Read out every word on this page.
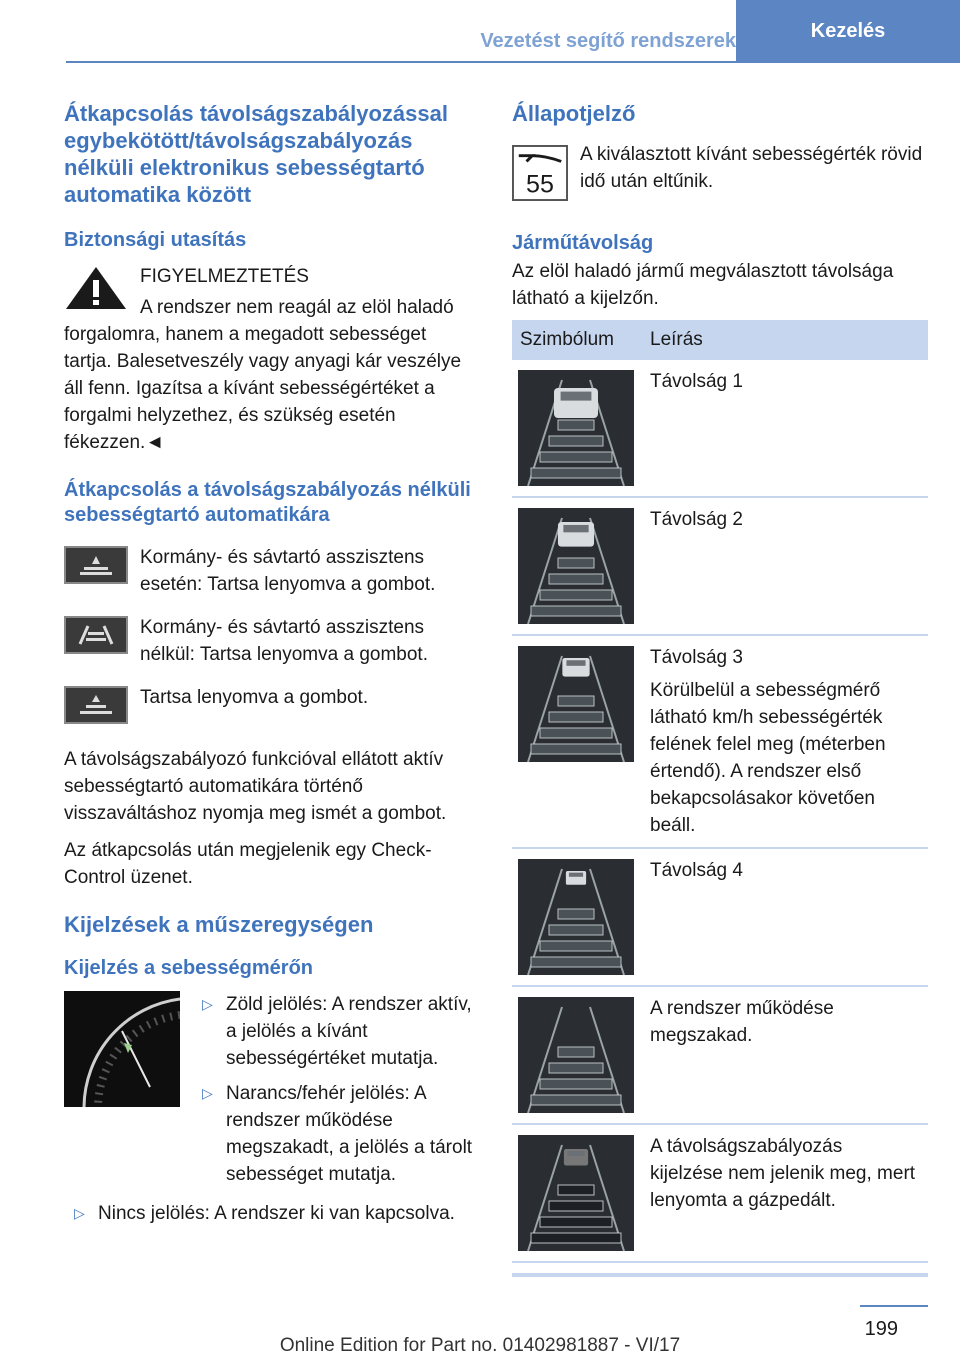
Vezetést segítő rendszerek	Kezelés
Átkapcsolás távolságszabályozással egybekötött/távolságszabályozás nélküli elektronikus sebességtartó automatika között
Biztonsági utasítás
FIGYELMEZTETÉS
A rendszer nem reagál az elöl haladó forgalomra, hanem a megadott sebességet tartja. Balesetveszély vagy anyagi kár veszélye áll fenn. Igazítsa a kívánt sebességértéket a forgalmi helyzethez, és szükség esetén fékezzen.◄
Átkapcsolás a távolságszabályozás nélküli sebességtartó automatikára
Kormány- és sávtartó asszisztens esetén: Tartsa lenyomva a gombot.
Kormány- és sávtartó asszisztens nélkül: Tartsa lenyomva a gombot.
Tartsa lenyomva a gombot.

A távolságszabályozó funkcióval ellátott aktív sebességtartó automatikára történő visszaváltáshoz nyomja meg ismét a gombot.

Az átkapcsolás után megjelenik egy Check-Control üzenet.

Kijelzések a műszeregységen
Kijelzés a sebességmérőn
▷ Zöld jelölés: A rendszer aktív, a jelölés a kívánt sebességértéket mutatja.
▷ Narancs/fehér jelölés: A rendszer működése megszakadt, a jelölés a tárolt sebességet mutatja.
▷ Nincs jelölés: A rendszer ki van kapcsolva.
Állapotjelző
55

A kiválasztott kívánt sebességérték rövid idő után eltűnik.

Járműtávolság

Az elöl haladó jármű megválasztott távolsága látható a kijelzőn.

Szimbólum	Leírás

Távolság 1

Távolság 2

Távolság 3
Körülbelül a sebességmérő látható km/h sebességérték felének felel meg (méterben értendő). A rendszer első bekapcsolásakor követően beáll.

Távolság 4

A rendszer működése megszakad.

A távolságszabályozás kijelzése nem jelenik meg, mert lenyomta a gázpedált.
199
Online Edition for Part no. 01402981887 - VI/17
